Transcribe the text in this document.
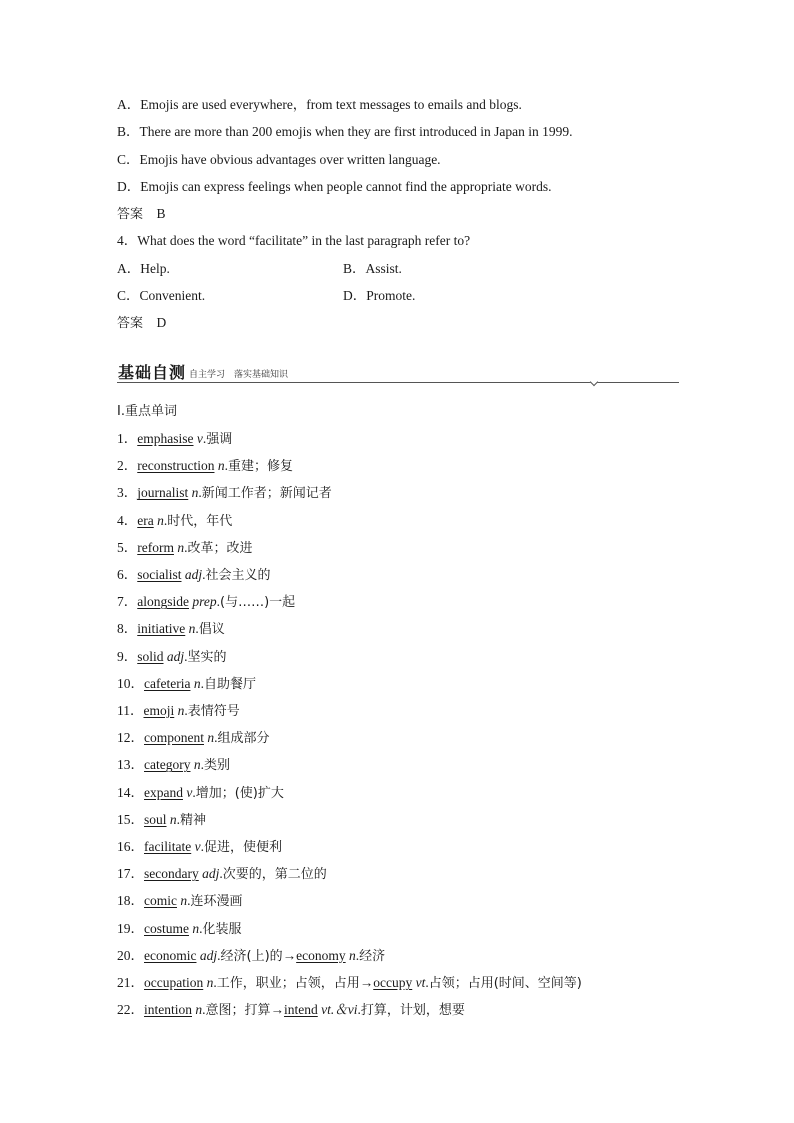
A．Emojis are used everywhere，from text messages to emails and blogs.
B．There are more than 200 emojis when they are first introduced in Japan in 1999.
C．Emojis have obvious advantages over written language.
D．Emojis can express feelings when people cannot find the appropriate words.
答案　 B
4．What does the word “facilitate” in the last paragraph refer to?
A．Help.	B．Assist.
C．Convenient.	D．Promote.
答案　 D
基础自测 自主学习　落实基础知识
Ⅰ.重点单词
1．emphasise v.强调
2．reconstruction n.重建；修复
3．journalist n.新闻工作者；新闻记者
4．era n.时代，年代
5．reform n.改革；改进
6．socialist adj.社会主义的
7．alongside prep.(与……)一起
8．initiative n.倡议
9．solid adj.坚实的
10．cafeteria n.自助餐厅
11．emoji n.表情符号
12．component n.组成部分
13．category n.类别
14．expand v.增加；(使)扩大
15．soul n.精神
16．facilitate v.促进，使便利
17．secondary adj.次要的，第二位的
18．comic n.连环漫画
19．costume n.化装服
20．economic adj.经济(上)的→economy n.经济
21．occupation n.工作，职业；占领，占用→occupy vt.占领；占用(时间、空间等)
22．intention n.意图；打算→intend vt.＆vi.打算，计划，想要
